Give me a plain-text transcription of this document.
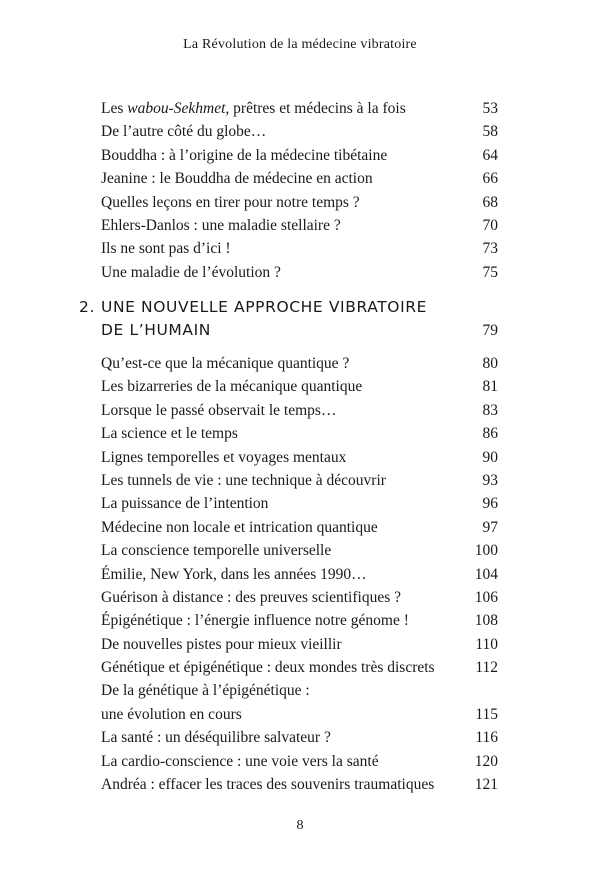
La Révolution de la médecine vibratoire
Les wabou-Sekhmet, prêtres et médecins à la fois	53
De l’autre côté du globe…	58
Bouddha : à l’origine de la médecine tibétaine	64
Jeanine : le Bouddha de médecine en action	66
Quelles leçons en tirer pour notre temps ?	68
Ehlers-Danlos : une maladie stellaire ?	70
Ils ne sont pas d’ici !	73
Une maladie de l’évolution ?	75
2. UNE NOUVELLE APPROCHE VIBRATOIRE
DE L’HUMAIN	79
Qu’est-ce que la mécanique quantique ?	80
Les bizarreries de la mécanique quantique	81
Lorsque le passé observait le temps…	83
La science et le temps	86
Lignes temporelles et voyages mentaux	90
Les tunnels de vie : une technique à découvrir	93
La puissance de l’intention	96
Médecine non locale et intrication quantique	97
La conscience temporelle universelle	100
Émilie, New York, dans les années 1990…	104
Guérison à distance : des preuves scientifiques ?	106
Épigénétique : l’énergie influence notre génome !	108
De nouvelles pistes pour mieux vieillir	110
Génétique et épigénétique : deux mondes très discrets	112
De la génétique à l’épigénétique :
une évolution en cours	115
La santé : un déséquilibre salvateur ?	116
La cardio-conscience : une voie vers la santé	120
Andréa : effacer les traces des souvenirs traumatiques	121
8
